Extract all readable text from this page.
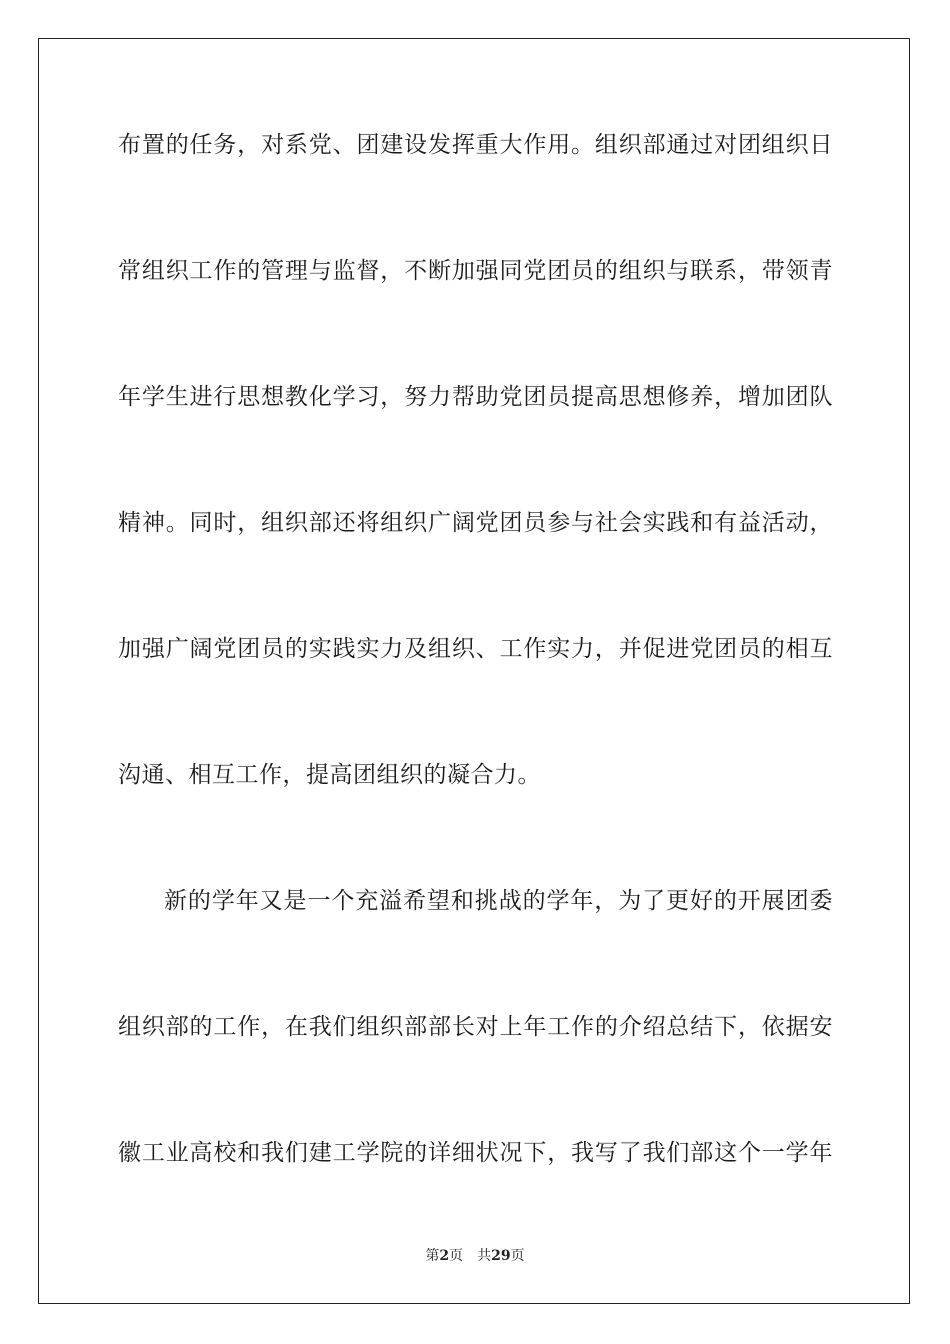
布置的任务，对系党、团建设发挥重大作用。组织部通过对团组织日
常组织工作的管理与监督，不断加强同党团员的组织与联系，带领青
年学生进行思想教化学习，努力帮助党团员提高思想修养，增加团队
精神。同时，组织部还将组织广阔党团员参与社会实践和有益活动，
加强广阔党团员的实践实力及组织、工作实力，并促进党团员的相互
沟通、相互工作，提高团组织的凝合力。
新的学年又是一个充溢希望和挑战的学年，为了更好的开展团委
组织部的工作，在我们组织部部长对上年工作的介绍总结下，依据安
徽工业高校和我们建工学院的详细状况下，我写了我们部这个一学年
第2页 共29页
